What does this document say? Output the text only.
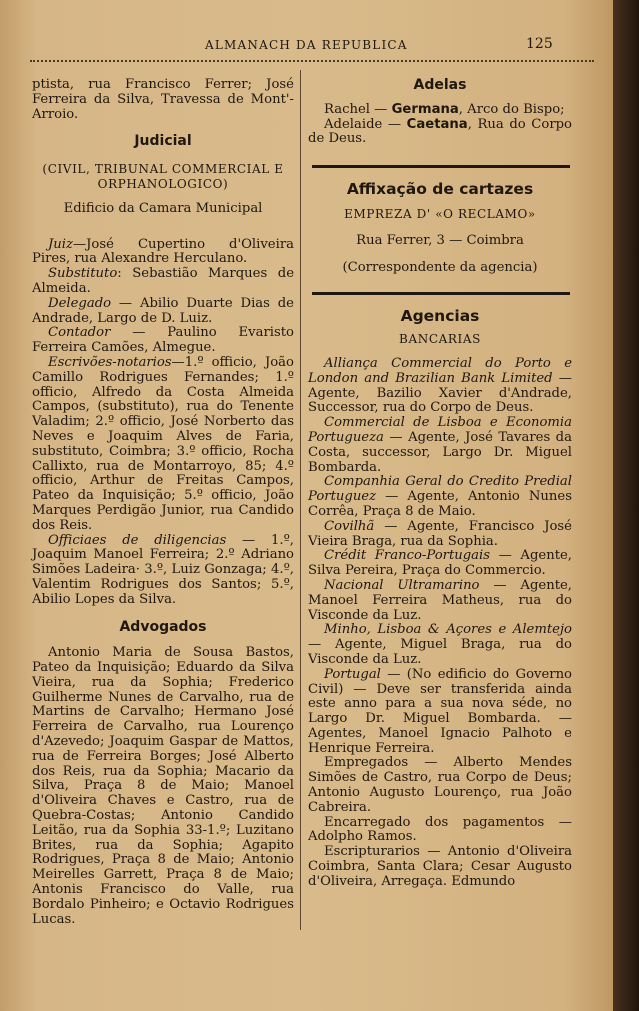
ALMANACH DA REPUBLICA	125

ptista, rua Francisco Ferrer; José Ferreira da Silva, Travessa de Mont'-Arroio.

Judicial
(CIVIL, TRIBUNAL COMMERCIAL E ORPHANOLOGICO)
Edificio da Camara Municipal

Juiz—José Cupertino d'Oliveira Pires, rua Alexandre Herculano.

Substituto: Sebastião Marques de Almeida.

Delegado — Abilio Duarte Dias de Andrade, Largo de D. Luiz.

Contador — Paulino Evaristo Ferreira Camões, Almegue.

Escrivões-notarios—1.º officio, João Camillo Rodrigues Fernandes; 1.º officio, Alfredo da Costa Almeida Campos, (substituto), rua do Tenente Valadim; 2.º officio, José Norberto das Neves e Joaquim Alves de Faria, substituto, Coimbra; 3.º officio, Rocha Callixto, rua de Montarroyo, 85; 4.º officio, Arthur de Freitas Campos, Pateo da Inquisição; 5.º officio, João Marques Perdigão Junior, rua Candido dos Reis.

Officiaes de diligencias — 1.º, Joaquim Manoel Ferreira; 2.º Adriano Simões Ladeira· 3.º, Luiz Gonzaga; 4.º, Valentim Rodrigues dos Santos; 5.º, Abilio Lopes da Silva.

Advogados

Antonio Maria de Sousa Bastos, Pateo da Inquisição; Eduardo da Silva Vieira, rua da Sophia; Frederico Guilherme Nunes de Carvalho, rua de Martins de Carvalho; Hermano José Ferreira de Carvalho, rua Lourenço d'Azevedo; Joaquim Gaspar de Mattos, rua de Ferreira Borges; José Alberto dos Reis, rua da Sophia; Macario da Silva, Praça 8 de Maio; Manoel d'Oliveira Chaves e Castro, rua de Quebra-Costas; Antonio Candido Leitão, rua da Sophia 33-1.º; Luzitano Brites, rua da Sophia; Agapito Rodrigues, Praça 8 de Maio; Antonio Meirelles Garrett, Praça 8 de Maio; Antonis Francisco do Valle, rua Bordalo Pinheiro; e Octavio Rodrigues Lucas.

Adelas

Rachel — Germana, Arco do Bispo;

Adelaide — Caetana, Rua do Corpo de Deus.

Affixação de cartazes
EMPREZA D' «O RECLAMO»
Rua Ferrer, 3 — Coimbra
(Correspondente da agencia)
Agencias
BANCARIAS

Alliança Commercial do Porto e London and Brazilian Bank Limited — Agente, Bazilio Xavier d'Andrade, Successor, rua do Corpo de Deus.

Commercial de Lisboa e Economia Portugueza — Agente, José Tavares da Costa, successor, Largo Dr. Miguel Bombarda.

Companhia Geral do Credito Predial Portuguez — Agente, Antonio Nunes Corrêa, Praça 8 de Maio.

Covilhã — Agente, Francisco José Vieira Braga, rua da Sophia.

Crédit Franco-Portugais — Agente, Silva Pereira, Praça do Commercio.

Nacional Ultramarino — Agente, Manoel Ferreira Matheus, rua do Visconde da Luz.

Minho, Lisboa & Açores e Alemtejo — Agente, Miguel Braga, rua do Visconde da Luz.

Portugal — (No edificio do Governo Civil) — Deve ser transferida ainda este anno para a sua nova séde, no Largo Dr. Miguel Bombarda. — Agentes, Manoel Ignacio Palhoto e Henrique Ferreira.

Empregados — Alberto Mendes Simões de Castro, rua Corpo de Deus; Antonio Augusto Lourenço, rua João Cabreira.

Encarregado dos pagamentos — Adolpho Ramos.

Escripturarios — Antonio d'Oliveira Coimbra, Santa Clara; Cesar Augusto d'Oliveira, Arregaça. Edmundo
